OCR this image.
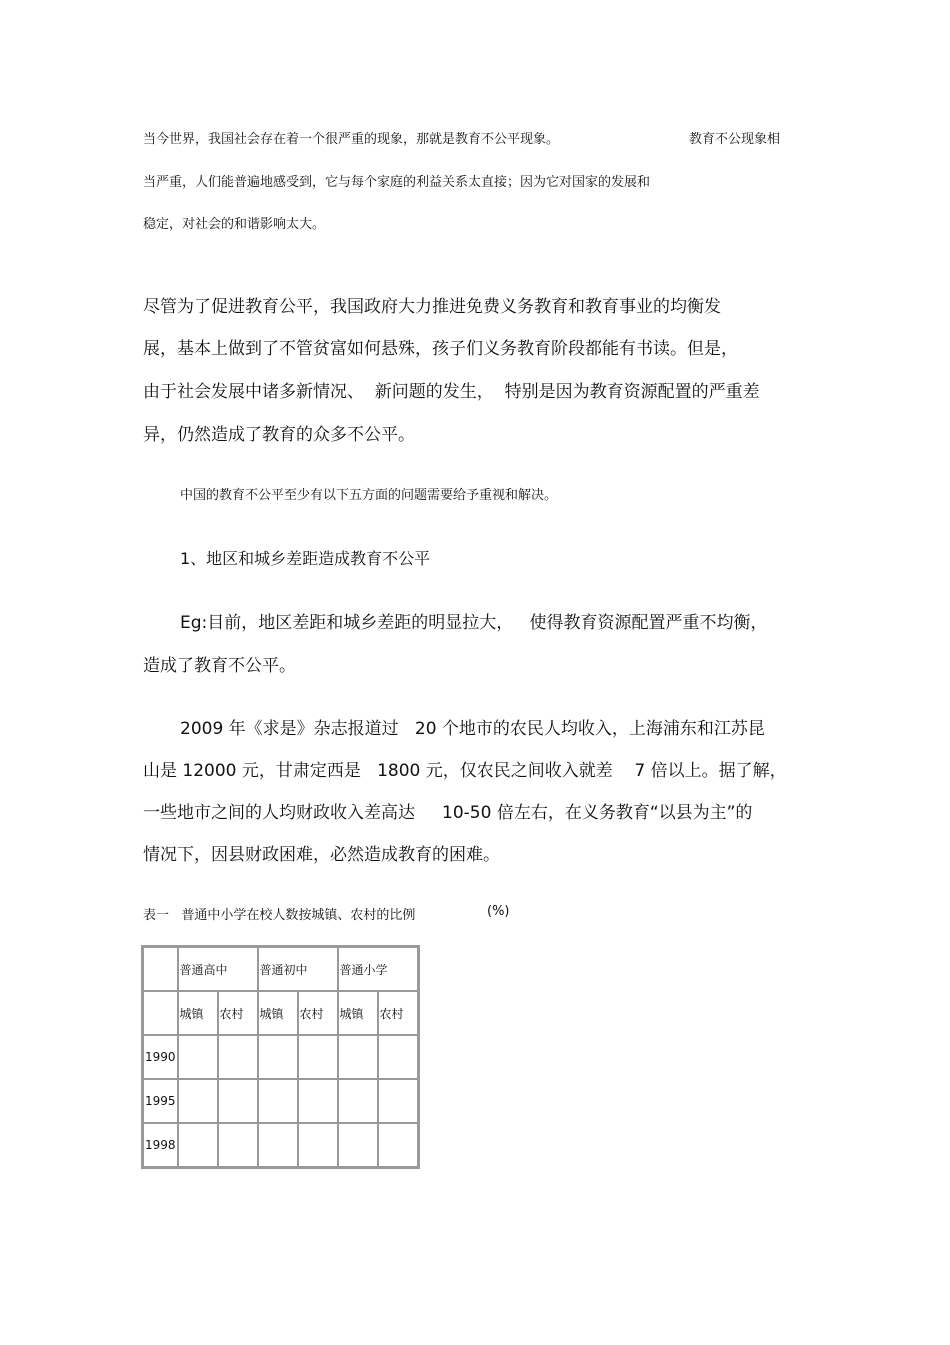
当今世界，我国社会存在着一个很严重的现象，那就是教育不公平现象。	教育不公现象相

当严重，人们能普遍地感受到，它与每个家庭的利益关系太直接；因为它对国家的发展和

稳定，对社会的和谐影响太大。

尽管为了促进教育公平，我国政府大力推进免费义务教育和教育事业的均衡发

展，基本上做到了不管贫富如何悬殊，孩子们义务教育阶段都能有书读。但是，

由于社会发展中诸多新情况、  新问题的发生，  特别是因为教育资源配置的严重差

异，仍然造成了教育的众多不公平。

中国的教育不公平至少有以下五方面的问题需要给予重视和解决。

1、地区和城乡差距造成教育不公平

Eg:目前，地区差距和城乡差距的明显拉大，   使得教育资源配置严重不均衡，

造成了教育不公平。

2009 年《求是》杂志报道过   20 个地市的农民人均收入，上海浦东和江苏昆

山是 12000 元，甘肃定西是   1800 元，仅农民之间收入就差    7 倍以上。据了解，

一些地市之间的人均财政收入差高达     10-50 倍左右，在义务教育“以县为主”的

情况下，因县财政困难，必然造成教育的困难。

表一   普通中小学在校人数按城镇、农村的比例	(%)

	普通高中		普通初中		普通小学	
	城镇	农村	城镇	农村	城镇	农村
1990						
1995						
1998						
